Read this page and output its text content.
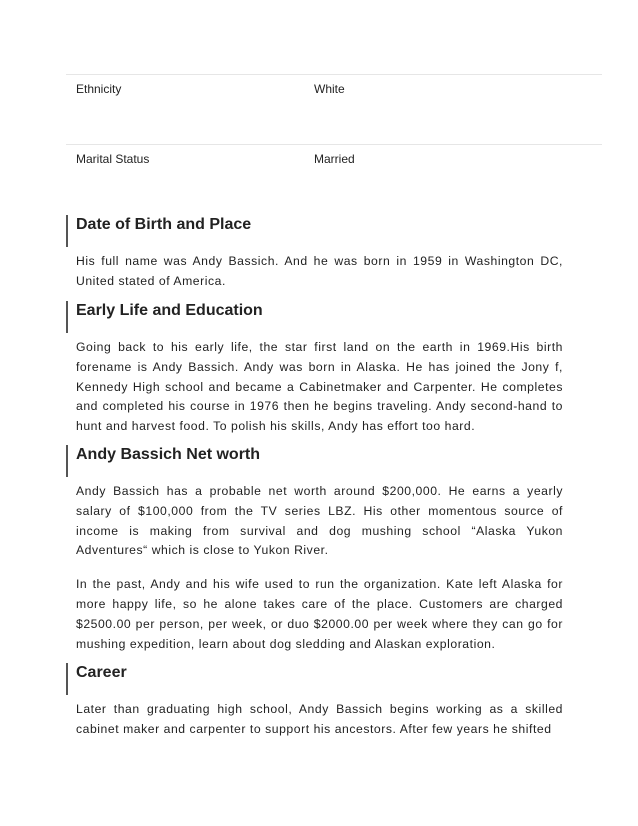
Ethnicity	White
Marital Status	Married
Date of Birth and Place

His full name was Andy Bassich. And he was born in 1959 in Washington DC, United stated of America.

Early Life and Education

Going back to his early life, the star first land on the earth in 1969.His birth forename is Andy Bassich. Andy was born in Alaska. He has joined the Jony f, Kennedy High school and became a Cabinetmaker and Carpenter. He completes and completed his course in 1976 then he begins traveling. Andy second-hand to hunt and harvest food. To polish his skills, Andy has effort too hard.

Andy Bassich Net worth

Andy Bassich has a probable net worth around $200,000. He earns a yearly salary of $100,000 from the TV series LBZ. His other momentous source of income is making from survival and dog mushing school “Alaska Yukon Adventures“ which is close to Yukon River.

In the past, Andy and his wife used to run the organization. Kate left Alaska for more happy life, so he alone takes care of the place. Customers are charged $2500.00 per person, per week, or duo $2000.00 per week where they can go for mushing expedition, learn about dog sledding and Alaskan exploration.

Career

Later than graduating high school, Andy Bassich begins working as a skilled cabinet maker and carpenter to support his ancestors. After few years he shifted
